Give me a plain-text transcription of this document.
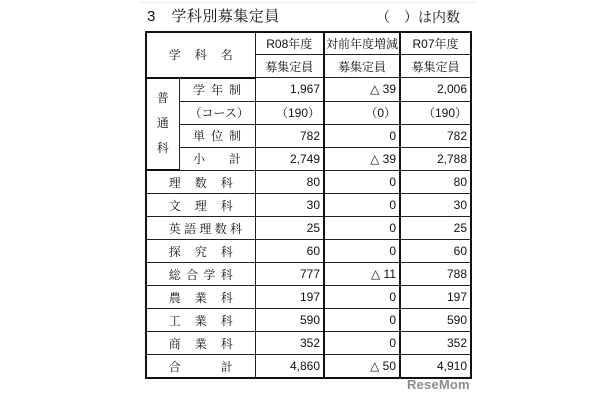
3　学科別募集定員	（　）は内数
学 科 名		R08年度	対前年度増減	R07年度
		募集定員	募集定員	募集定員

普
通
科	学 年 制	1,967	△ 39	2,006
	（コース）	（190）	（0）	（190）
	単 位 制	782	0	782
	小 計	2,749	△ 39	2,788
理 数 科		80	0	80
文 理 科		30	0	30
英 語 理 数 科		25	0	25
探 究 科		60	0	60
総 合 学 科		777	△ 11	788
農 業 科		197	0	197
工 業 科		590	0	590
商 業 科		352	0	352
合 計		4,860	△ 50	4,910
ReseMom
